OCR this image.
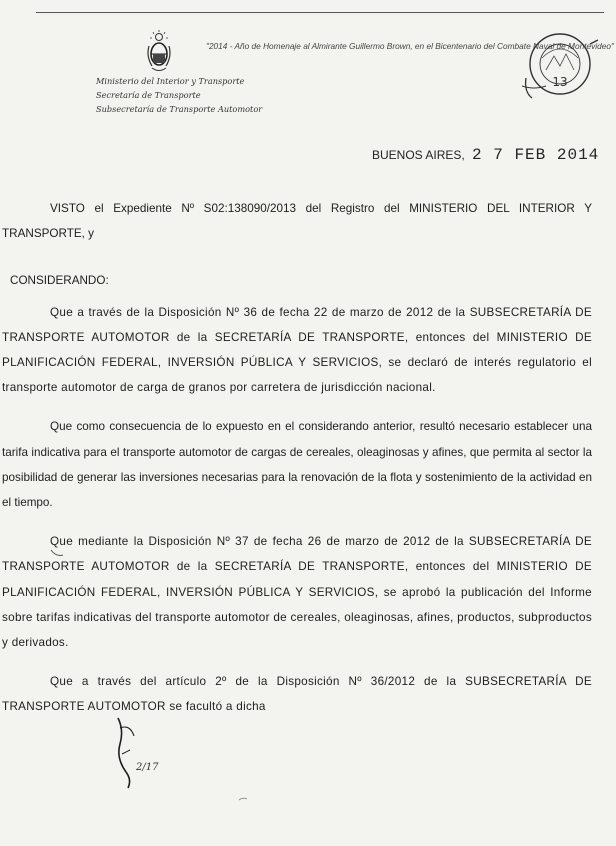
"2014 - Año de Homenaje al Almirante Guillermo Brown, en el Bicentenario del Combate Naval de Montevideo"
Ministerio del Interior y Transporte
Secretaría de Transporte
Subsecretaría de Transporte Automotor
13
BUENOS AIRES, 2 7 FEB 2014

VISTO el Expediente Nº S02:138090/2013 del Registro del MINISTERIO DEL INTERIOR Y TRANSPORTE, y

CONSIDERANDO:

Que a través de la Disposición Nº 36 de fecha 22 de marzo de 2012 de la SUBSECRETARÍA DE TRANSPORTE AUTOMOTOR de la SECRETARÍA DE TRANSPORTE, entonces del MINISTERIO DE PLANIFICACIÓN FEDERAL, INVERSIÓN PÚBLICA Y SERVICIOS, se declaró de interés regulatorio el transporte automotor de carga de granos por carretera de jurisdicción nacional.

Que como consecuencia de lo expuesto en el considerando anterior, resultó necesario establecer una tarifa indicativa para el transporte automotor de cargas de cereales, oleaginosas y afines, que permita al sector la posibilidad de generar las inversiones necesarias para la renovación de la flota y sostenimiento de la actividad en el tiempo.

Que mediante la Disposición Nº 37 de fecha 26 de marzo de 2012 de la SUBSECRETARÍA DE TRANSPORTE AUTOMOTOR de la SECRETARÍA DE TRANSPORTE, entonces del MINISTERIO DE PLANIFICACIÓN FEDERAL, INVERSIÓN PÚBLICA Y SERVICIOS, se aprobó la publicación del Informe sobre tarifas indicativas del transporte automotor de cereales, oleaginosas, afines, productos, subproductos y derivados.

Que a través del artículo 2º de la Disposición Nº 36/2012 de la SUBSECRETARÍA DE TRANSPORTE AUTOMOTOR se facultó a dicha

2/17
